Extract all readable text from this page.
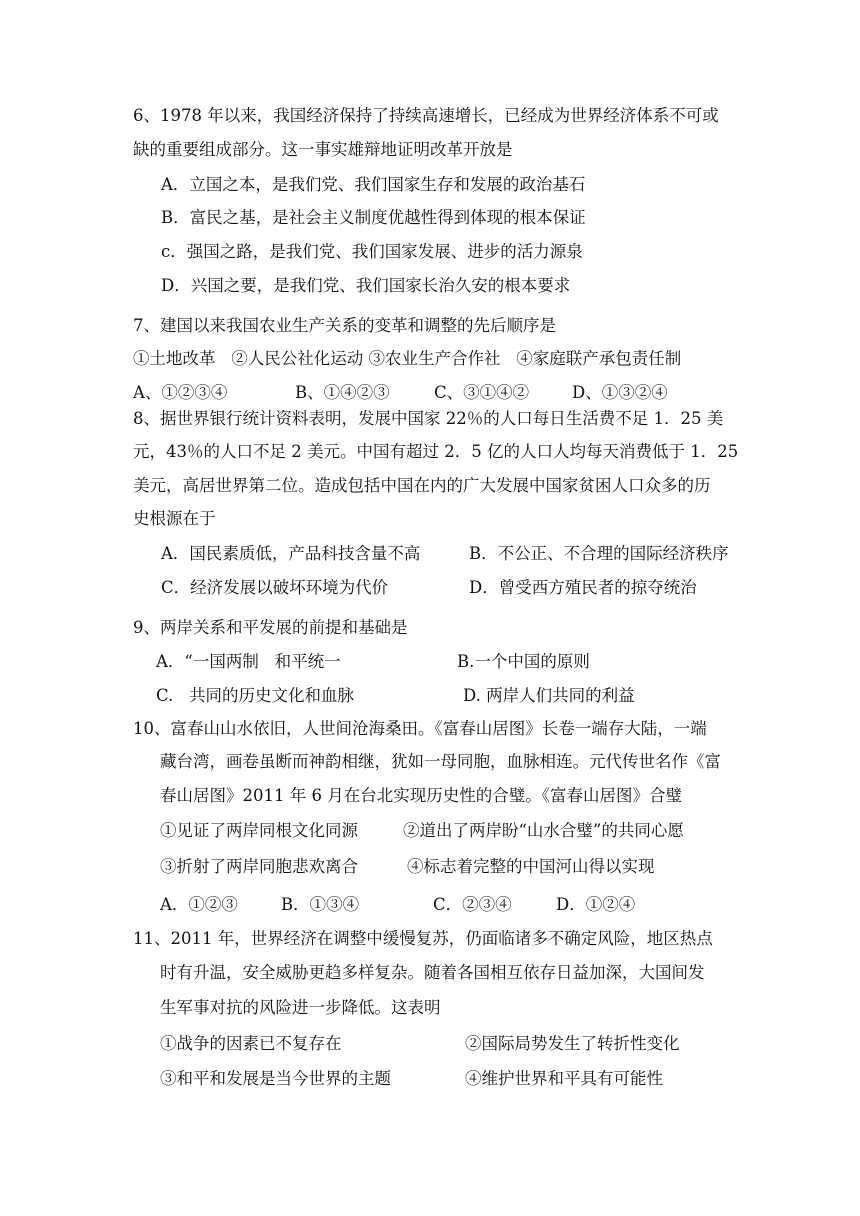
6、1978 年以来，我国经济保持了持续高速增长，已经成为世界经济体系不可或
缺的重要组成部分。这一事实雄辩地证明改革开放是
A．立国之本，是我们党、我们国家生存和发展的政治基石
B．富民之基，是社会主义制度优越性得到体现的根本保证
c．强国之路，是我们党、我们国家发展、进步的活力源泉
D．兴国之要，是我们党、我们国家长治久安的根本要求
7、建国以来我国农业生产关系的变革和调整的先后顺序是
①土地改革   ②人民公社化运动 ③农业生产合作社   ④家庭联产承包责任制
A、①②③④	B、①④②③	C、③①④②	D、①③②④
8、据世界银行统计资料表明，发展中国家 22％的人口每日生活费不足 1．25 美
元，43％的人口不足 2 美元。中国有超过 2．5 亿的人口人均每天消费低于 1．25
美元，高居世界第二位。造成包括中国在内的广大发展中国家贫困人口众多的历
史根源在于
A．国民素质低，产品科技含量不高	B．不公正、不合理的国际经济秩序
C．经济发展以破坏环境为代价	D．曾受西方殖民者的掠夺统治
9、两岸关系和平发展的前提和基础是
A．“一国两制   和平统一	B.一个中国的原则
C.   共同的历史文化和血脉	D. 两岸人们共同的利益
10、富春山山水依旧，人世间沧海桑田。《富春山居图》长卷一端存大陆，一端
藏台湾，画卷虽断而神韵相继，犹如一母同胞，血脉相连。元代传世名作《富
春山居图》2011 年 6 月在台北实现历史性的合璧。《富春山居图》合璧
①见证了两岸同根文化同源	②道出了两岸盼“山水合璧”的共同心愿
③折射了两岸同胞悲欢离合	④标志着完整的中国河山得以实现
A．①②③	B．①③④	C．②③④	D．①②④
11、2011 年，世界经济在调整中缓慢复苏，仍面临诸多不确定风险，地区热点
时有升温，安全威胁更趋多样复杂。随着各国相互依存日益加深，大国间发
生军事对抗的风险进一步降低。这表明
①战争的因素已不复存在	②国际局势发生了转折性变化
③和平和发展是当今世界的主题	④维护世界和平具有可能性
